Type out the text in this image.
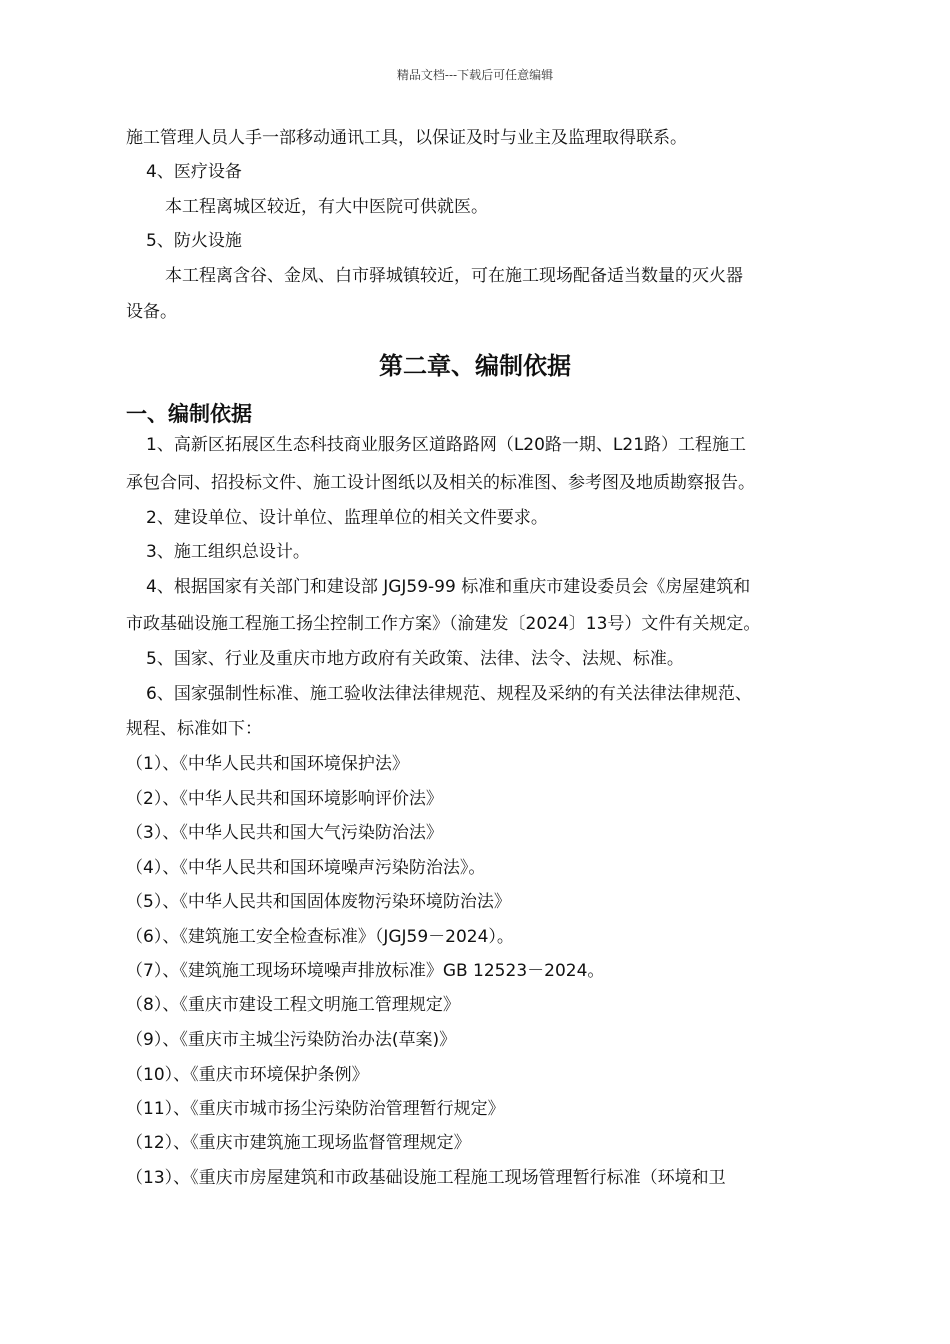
精品文档---下载后可任意编辑
施工管理人员人手一部移动通讯工具，以保证及时与业主及监理取得联系。
4、医疗设备
本工程离城区较近，有大中医院可供就医。
5、防火设施
本工程离含谷、金凤、白市驿城镇较近，可在施工现场配备适当数量的灭火器
设备。
第二章、编制依据
一、编制依据
1、高新区拓展区生态科技商业服务区道路路网（L20路一期、L21路）工程施工
承包合同、招投标文件、施工设计图纸以及相关的标准图、参考图及地质勘察报告。
2、建设单位、设计单位、监理单位的相关文件要求。
3、施工组织总设计。
4、根据国家有关部门和建设部 JGJ59-99 标准和重庆市建设委员会《房屋建筑和
市政基础设施工程施工扬尘控制工作方案》（渝建发〔2024〕13号）文件有关规定。
5、国家、行业及重庆市地方政府有关政策、法律、法令、法规、标准。
6、国家强制性标准、施工验收法律法律规范、规程及采纳的有关法律法律规范、
规程、标准如下：
（1）、《中华人民共和国环境保护法》
（2）、《中华人民共和国环境影响评价法》
（3）、《中华人民共和国大气污染防治法》
（4）、《中华人民共和国环境噪声污染防治法》。
（5）、《中华人民共和国固体废物污染环境防治法》
（6）、《建筑施工安全检查标准》（JGJ59－2024）。
（7）、《建筑施工现场环境噪声排放标准》GB 12523－2024。
（8）、《重庆市建设工程文明施工管理规定》
（9）、《重庆市主城尘污染防治办法(草案)》
（10）、《重庆市环境保护条例》
（11）、《重庆市城市扬尘污染防治管理暂行规定》
（12）、《重庆市建筑施工现场监督管理规定》
（13）、《重庆市房屋建筑和市政基础设施工程施工现场管理暂行标准（环境和卫
